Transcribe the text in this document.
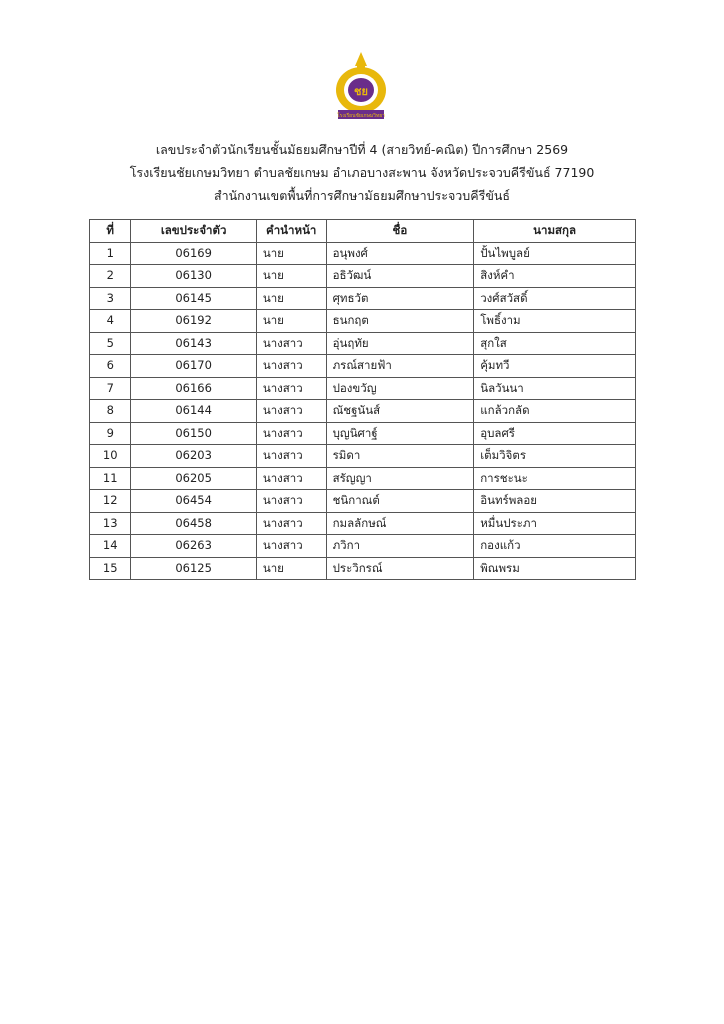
ชย
โรงเรียนชัยเกษมวิทยา
เลขประจำตัวนักเรียนชั้นมัธยมศึกษาปีที่ 4 (สายวิทย์-คณิต) ปีการศึกษา 2569
โรงเรียนชัยเกษมวิทยา ตำบลชัยเกษม อำเภอบางสะพาน จังหวัดประจวบคีรีขันธ์ 77190
สำนักงานเขตพื้นที่การศึกษามัธยมศึกษาประจวบคีรีขันธ์
ที่	เลขประจำตัว	คำนำหน้า	ชื่อ	นามสกุล
1	06169	นาย	อนุพงศ์	ปั้นไพบูลย์
2	06130	นาย	อธิวัฒน์	สิงห์คำ
3	06145	นาย	ศุทธวัต	วงศ์สวัสดิ์
4	06192	นาย	ธนกฤต	โพธิ์งาม
5	06143	นางสาว	อุ่นฤทัย	สุกใส
6	06170	นางสาว	ภรณ์สายฟ้า	คุ้มทวี
7	06166	นางสาว	ปองขวัญ	นิลวันนา
8	06144	นางสาว	ณัชฐนันส์	แกล้วกลัด
9	06150	นางสาว	บุญนิศาฐ์	อุบลศรี
10	06203	นางสาว	รมิดา	เต็มวิจิตร
11	06205	นางสาว	สรัญญา	การชะนะ
12	06454	นางสาว	ชนิกาณต์	อินทร์พลอย
13	06458	นางสาว	กมลลักษณ์	หมื่นประภา
14	06263	นางสาว	ภวิกา	กองแก้ว
15	06125	นาย	ประวิกรณ์	พิณพรม
